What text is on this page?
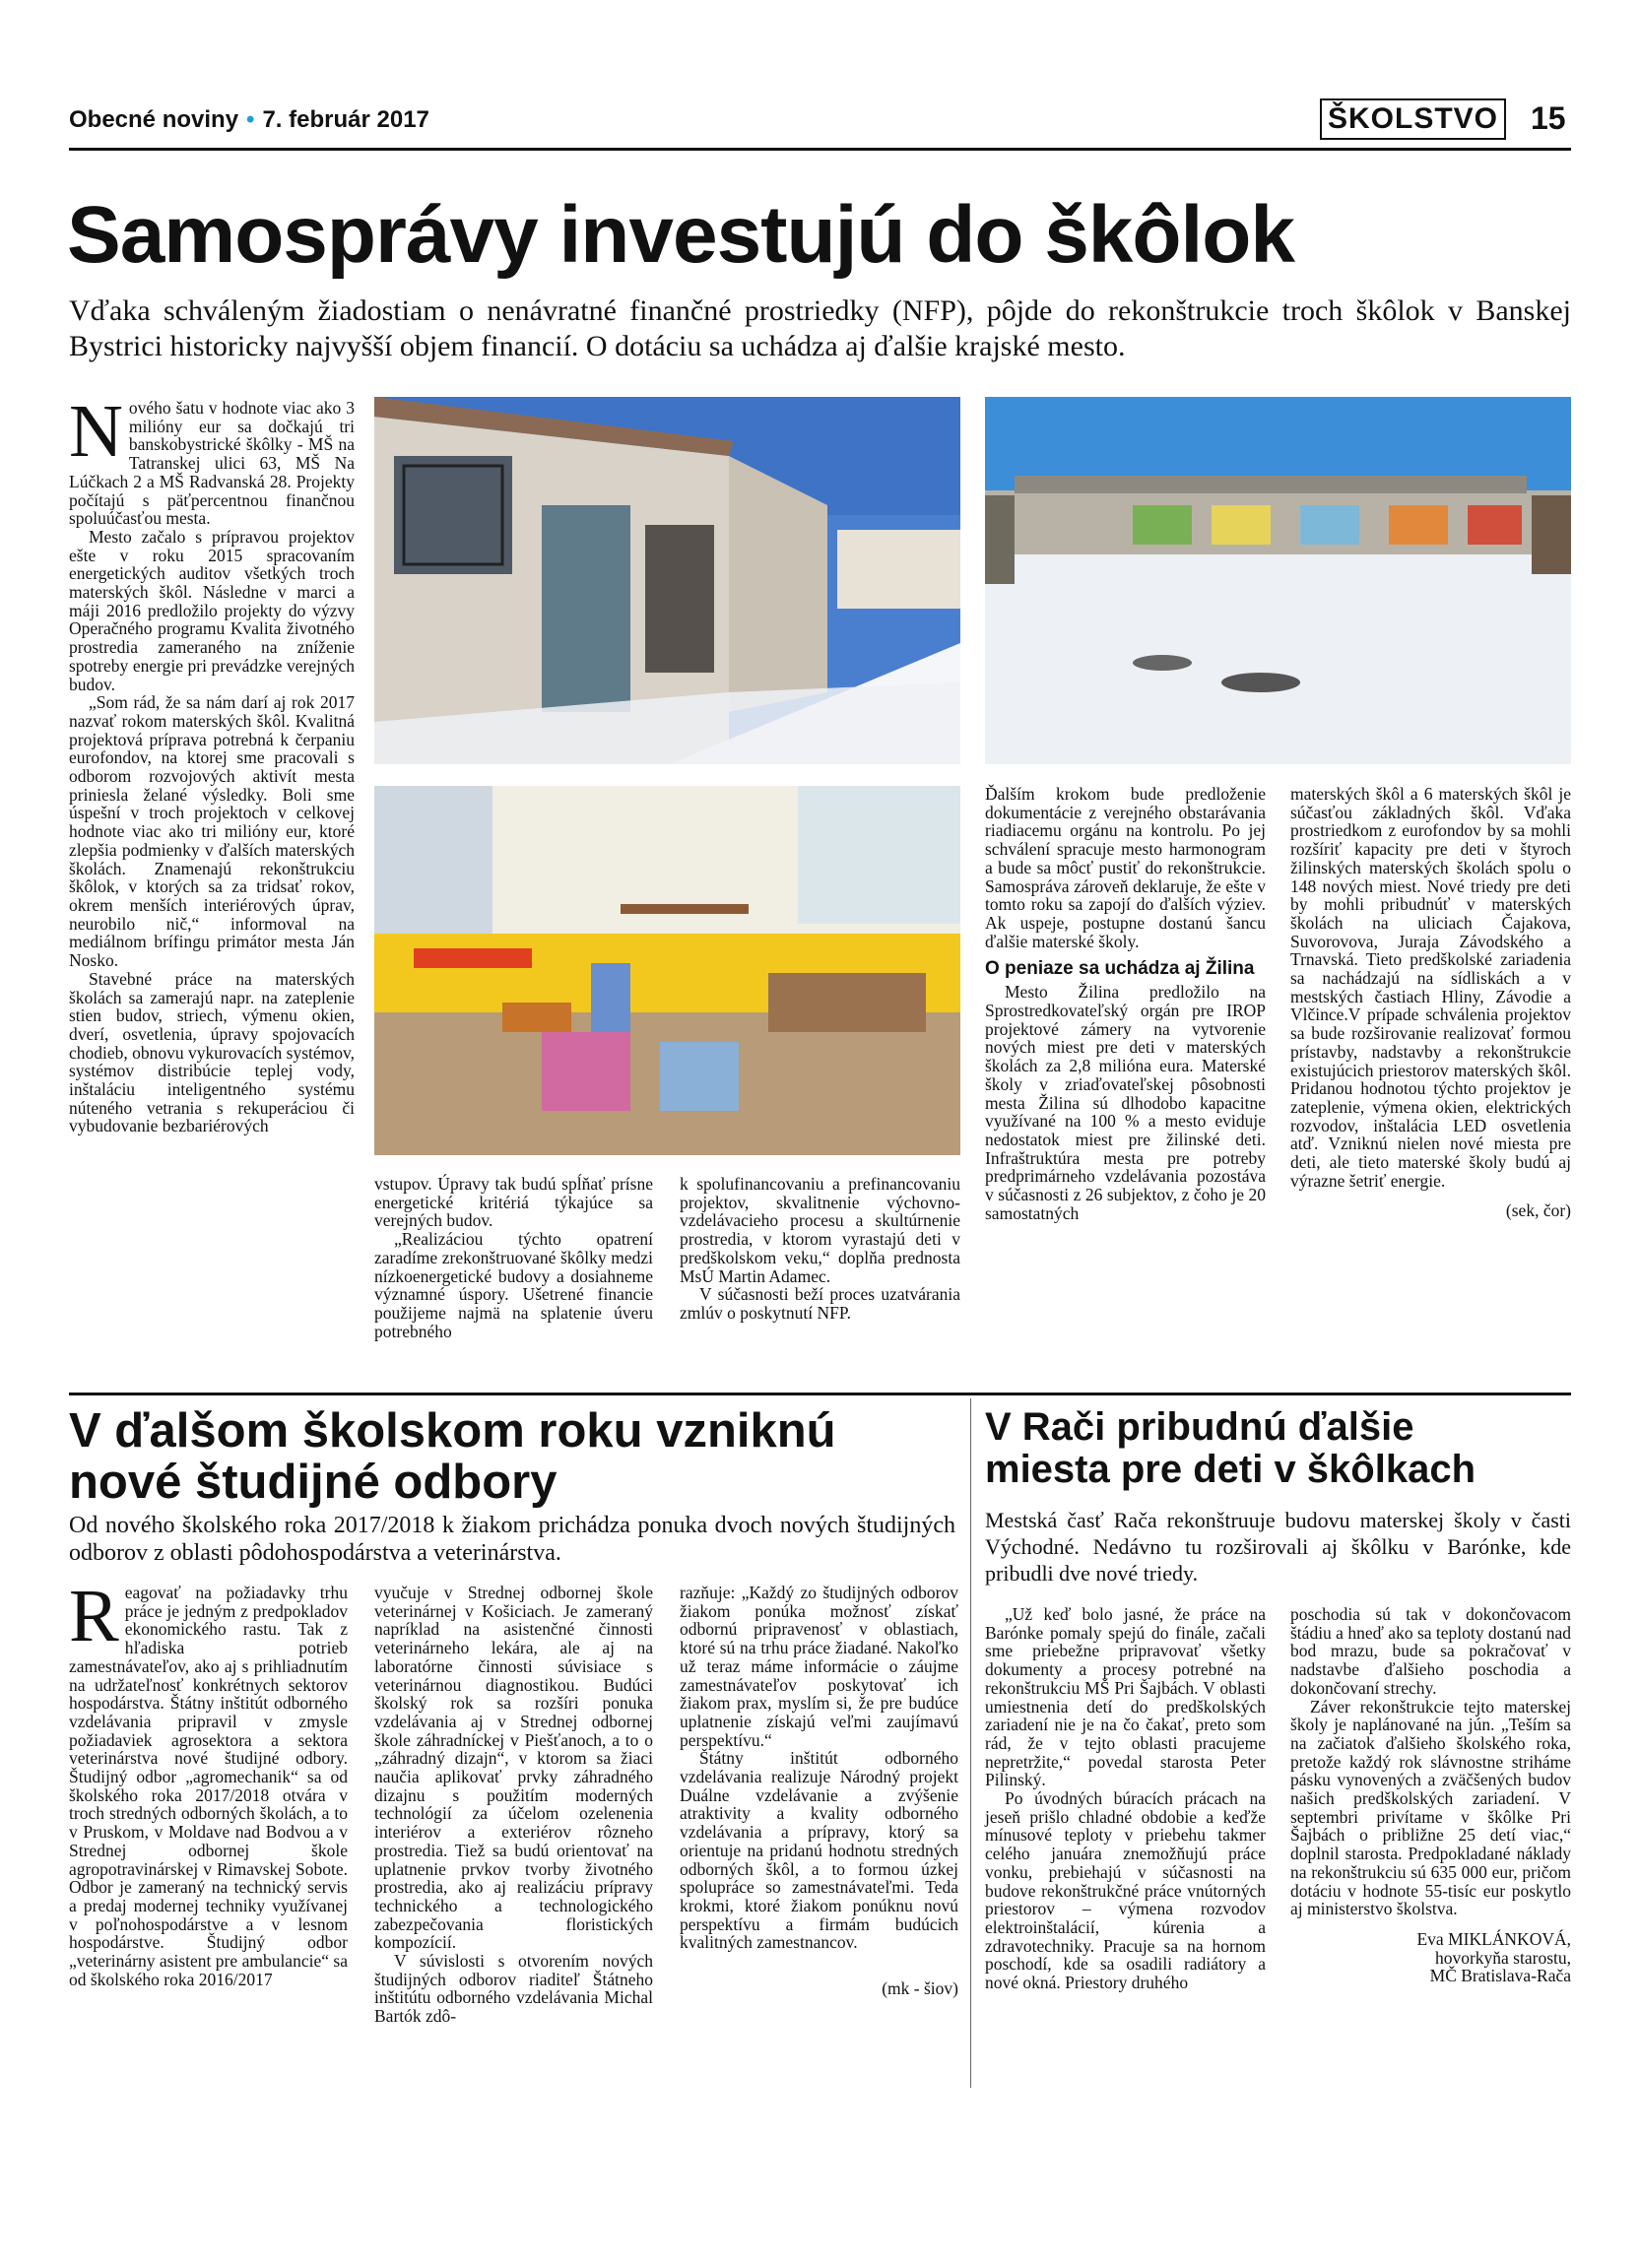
Obecné noviny • 7. február 2017	ŠKOLSTVO 15
Samosprávy investujú do škôlok
Vďaka schváleným žiadostiam o nenávratné finančné prostriedky (NFP), pôjde do rekonštrukcie troch škôlok v Banskej Bystrici historicky najvyšší objem financií. O dotáciu sa uchádza aj ďalšie krajské mesto.

Nového šatu v hodnote viac ako 3 milióny eur sa dočkajú tri banskobystrické škôlky - MŠ na Tatranskej ulici 63, MŠ Na Lúčkach 2 a MŠ Radvanská 28. Projekty počítajú s päťpercentnou finančnou spoluúčasťou mesta.

Mesto začalo s prípravou projektov ešte v roku 2015 spracovaním energetických auditov všetkých troch materských škôl. Následne v marci a máji 2016 predložilo projekty do výzvy Operačného programu Kvalita životného prostredia zameraného na zníženie spotreby energie pri prevádzke verejných budov.

„Som rád, že sa nám darí aj rok 2017 nazvať rokom materských škôl. Kvalitná projektová príprava potrebná k čerpaniu eurofondov, na ktorej sme pracovali s odborom rozvojových aktivít mesta priniesla želané výsledky. Boli sme úspešní v troch projektoch v celkovej hodnote viac ako tri milióny eur, ktoré zlepšia podmienky v ďalších materských školách. Znamenajú rekonštrukciu škôlok, v ktorých sa za tridsať rokov, okrem menších interiérových úprav, neurobilo nič,“ informoval na mediálnom brífingu primátor mesta Ján Nosko.

Stavebné práce na materských školách sa zamerajú napr. na zateplenie stien budov, striech, výmenu okien, dverí, osvetlenia, úpravy spojovacích chodieb, obnovu vykurovacích systémov, systémov distribúcie teplej vody, inštaláciu inteligentného systému núteného vetrania s rekuperáciou či vybudovanie bezbariérových

vstupov. Úpravy tak budú spĺňať prísne energetické kritériá týkajúce sa verejných budov.

„Realizáciou týchto opatrení zaradíme zrekonštruované škôlky medzi nízkoenergetické budovy a dosiahneme významné úspory. Ušetrené financie použijeme najmä na splatenie úveru potrebného

k spolufinancovaniu a prefinancovaniu projektov, skvalitnenie výchovno-vzdelávacieho procesu a skultúrnenie prostredia, v ktorom vyrastajú deti v predškolskom veku,“ doplňa prednosta MsÚ Martin Adamec.

V súčasnosti beží proces uzatvárania zmlúv o poskytnutí NFP.

Ďalším krokom bude predloženie dokumentácie z verejného obstarávania riadiacemu orgánu na kontrolu. Po jej schválení spracuje mesto harmonogram a bude sa môcť pustiť do rekonštrukcie. Samospráva zároveň deklaruje, že ešte v tomto roku sa zapojí do ďalších výziev. Ak uspeje, postupne dostanú šancu ďalšie materské školy.

O peniaze sa uchádza aj Žilina

Mesto Žilina predložilo na Sprostredkovateľský orgán pre IROP projektové zámery na vytvorenie nových miest pre deti v materských školách za 2,8 milióna eura. Materské školy v zriaďovateľskej pôsobnosti mesta Žilina sú dlhodobo kapacitne využívané na 100 % a mesto eviduje nedostatok miest pre žilinské deti. Infraštruktúra mesta pre potreby predprimárneho vzdelávania pozostáva v súčasnosti z 26 subjektov, z čoho je 20 samostatných

materských škôl a 6 materských škôl je súčasťou základných škôl. Vďaka prostriedkom z eurofondov by sa mohli rozšíriť kapacity pre deti v štyroch žilinských materských školách spolu o 148 nových miest. Nové triedy pre deti by mohli pribudnúť v materských školách na uliciach Čajakova, Suvorovova, Juraja Závodského a Trnavská. Tieto predškolské zariadenia sa nachádzajú na sídliskách a v mestských častiach Hliny, Závodie a Vlčince.V prípade schválenia projektov sa bude rozširovanie realizovať formou prístavby, nadstavby a rekonštrukcie existujúcich priestorov materských škôl. Pridanou hodnotou týchto projektov je zateplenie, výmena okien, elektrických rozvodov, inštalácia LED osvetlenia atď. Vzniknú nielen nové miesta pre deti, ale tieto materské školy budú aj výrazne šetriť energie.

(sek, čor)
V ďalšom školskom roku vzniknú
nové študijné odbory
Od nového školského roka 2017/2018 k žiakom prichádza ponuka dvoch nových študijných odborov z oblasti pôdohospodárstva a veterinárstva.

Reagovať na požiadavky trhu práce je jedným z predpokladov ekonomického rastu. Tak z hľadiska potrieb zamestnávateľov, ako aj s prihliadnutím na udržateľnosť konkrétnych sektorov hospodárstva. Štátny inštitút odborného vzdelávania pripravil v zmysle požiadaviek agrosektora a sektora veterinárstva nové študijné odbory. Študijný odbor „agromechanik“ sa od školského roka 2017/2018 otvára v troch stredných odborných školách, a to v Pruskom, v Moldave nad Bodvou a v Strednej odbornej škole agropotravinárskej v Rimavskej Sobote. Odbor je zameraný na technický servis a predaj modernej techniky využívanej v poľnohospodárstve a v lesnom hospodárstve. Študijný odbor „veterinárny asistent pre ambulancie“ sa od školského roka 2016/2017

vyučuje v Strednej odbornej škole veterinárnej v Košiciach. Je zameraný napríklad na asistenčné činnosti veterinárneho lekára, ale aj na laboratórne činnosti súvisiace s veterinárnou diagnostikou. Budúci školský rok sa rozšíri ponuka vzdelávania aj v Strednej odbornej škole záhradníckej v Piešťanoch, a to o „záhradný dizajn“, v ktorom sa žiaci naučia aplikovať prvky záhradného dizajnu s použitím moderných technológií za účelom ozelenenia interiérov a exteriérov rôzneho prostredia. Tiež sa budú orientovať na uplatnenie prvkov tvorby životného prostredia, ako aj realizáciu prípravy technického a technologického zabezpečovania floristických kompozícií.

V súvislosti s otvorením nových študijných odborov riaditeľ Štátneho inštitútu odborného vzdelávania Michal Bartók zdô-

razňuje: „Každý zo študijných odborov žiakom ponúka možnosť získať odbornú pripravenosť v oblastiach, ktoré sú na trhu práce žiadané. Nakoľko už teraz máme informácie o záujme zamestnávateľov poskytovať ich žiakom prax, myslím si, že pre budúce uplatnenie získajú veľmi zaujímavú perspektívu.“

Štátny inštitút odborného vzdelávania realizuje Národný projekt Duálne vzdelávanie a zvýšenie atraktivity a kvality odborného vzdelávania a prípravy, ktorý sa orientuje na pridanú hodnotu stredných odborných škôl, a to formou úzkej spolupráce so zamestnávateľmi. Teda krokmi, ktoré žiakom ponúknu novú perspektívu a firmám budúcich kvalitných zamestnancov.

(mk - šiov)
V Rači pribudnú ďalšie
miesta pre deti v škôlkach
Mestská časť Rača rekonštruuje budovu materskej školy v časti Východné. Nedávno tu rozširovali aj škôlku v Barónke, kde pribudli dve nové triedy.

„Už keď bolo jasné, že práce na Barónke pomaly spejú do finále, začali sme priebežne pripravovať všetky dokumenty a procesy potrebné na rekonštrukciu MŠ Pri Šajbách. V oblasti umiestnenia detí do predškolských zariadení nie je na čo čakať, preto som rád, že v tejto oblasti pracujeme nepretržite,“ povedal starosta Peter Pilinský.

Po úvodných búracích prácach na jeseň prišlo chladné obdobie a keďže mínusové teploty v priebehu takmer celého januára znemožňujú práce vonku, prebiehajú v súčasnosti na budove rekonštrukčné práce vnútorných priestorov – výmena rozvodov elektroinštalácií, kúrenia a zdravotechniky. Pracuje sa na hornom poschodí, kde sa osadili radiátory a nové okná. Priestory druhého

poschodia sú tak v dokončovacom štádiu a hneď ako sa teploty dostanú nad bod mrazu, bude sa pokračovať v nadstavbe ďalšieho poschodia a dokončovaní strechy.

Záver rekonštrukcie tejto materskej školy je naplánované na jún. „Teším sa na začiatok ďalšieho školského roka, pretože každý rok slávnostne striháme pásku vynovených a zväčšených budov našich predškolských zariadení. V septembri privítame v škôlke Pri Šajbách o približne 25 detí viac,“ doplnil starosta. Predpokladané náklady na rekonštrukciu sú 635 000 eur, pričom dotáciu v hodnote 55-tisíc eur poskytlo aj ministerstvo školstva.

Eva MIKLÁNKOVÁ,
hovorkyňa starostu,
MČ Bratislava-Rača
